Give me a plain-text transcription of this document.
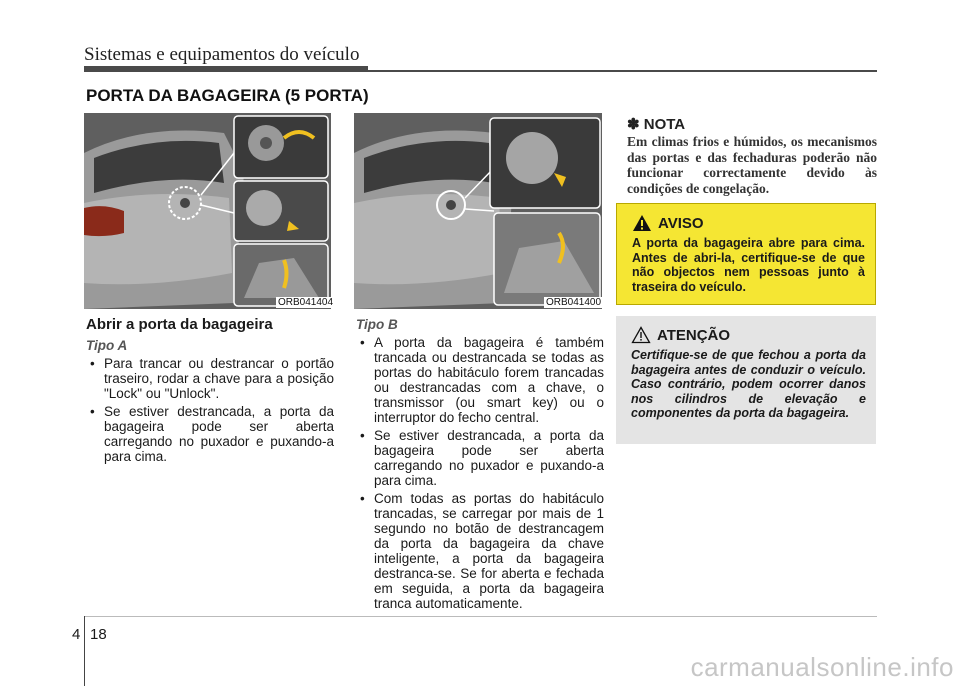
Sistemas e equipamentos do veículo
PORTA DA BAGAGEIRA (5 PORTA)
ORB041404	ORB041400
Abrir a porta da bagageira
Tipo A
• Para trancar ou destrancar o portão traseiro, rodar a chave para a posição "Lock" ou "Unlock".
• Se estiver destrancada, a porta da bagageira pode ser aberta carregando no puxador e puxando-a para cima.
Tipo B
• A porta da bagageira é também trancada ou destrancada se todas as portas do habitáculo forem trancadas ou destrancadas com a chave, o transmissor (ou smart key) ou o interruptor do fecho central.
• Se estiver destrancada, a porta da bagageira pode ser aberta carregando no puxador e puxando-a para cima.
• Com todas as portas do habitáculo trancadas, se carregar por mais de 1 segundo no botão de destrancagem da porta da bagageira da chave inteligente, a porta da bagageira destranca-se. Se for aberta e fechada em seguida, a porta da bagageira tranca automaticamente.
✽ NOTA
Em climas frios e húmidos, os mecanismos das portas e das fechaduras poderão não funcionar correctamente devido às condições de congelação.
AVISO
A porta da bagageira abre para cima. Antes de abri-la, certifique-se de que não objectos nem pessoas junto à traseira do veículo.
ATENÇÃO
Certifique-se de que fechou a porta da bagageira antes de conduzir o veículo. Caso contrário, podem ocorrer danos nos cilindros de elevação e componentes da porta da bagageira.
4 18
carmanualsonline.info
